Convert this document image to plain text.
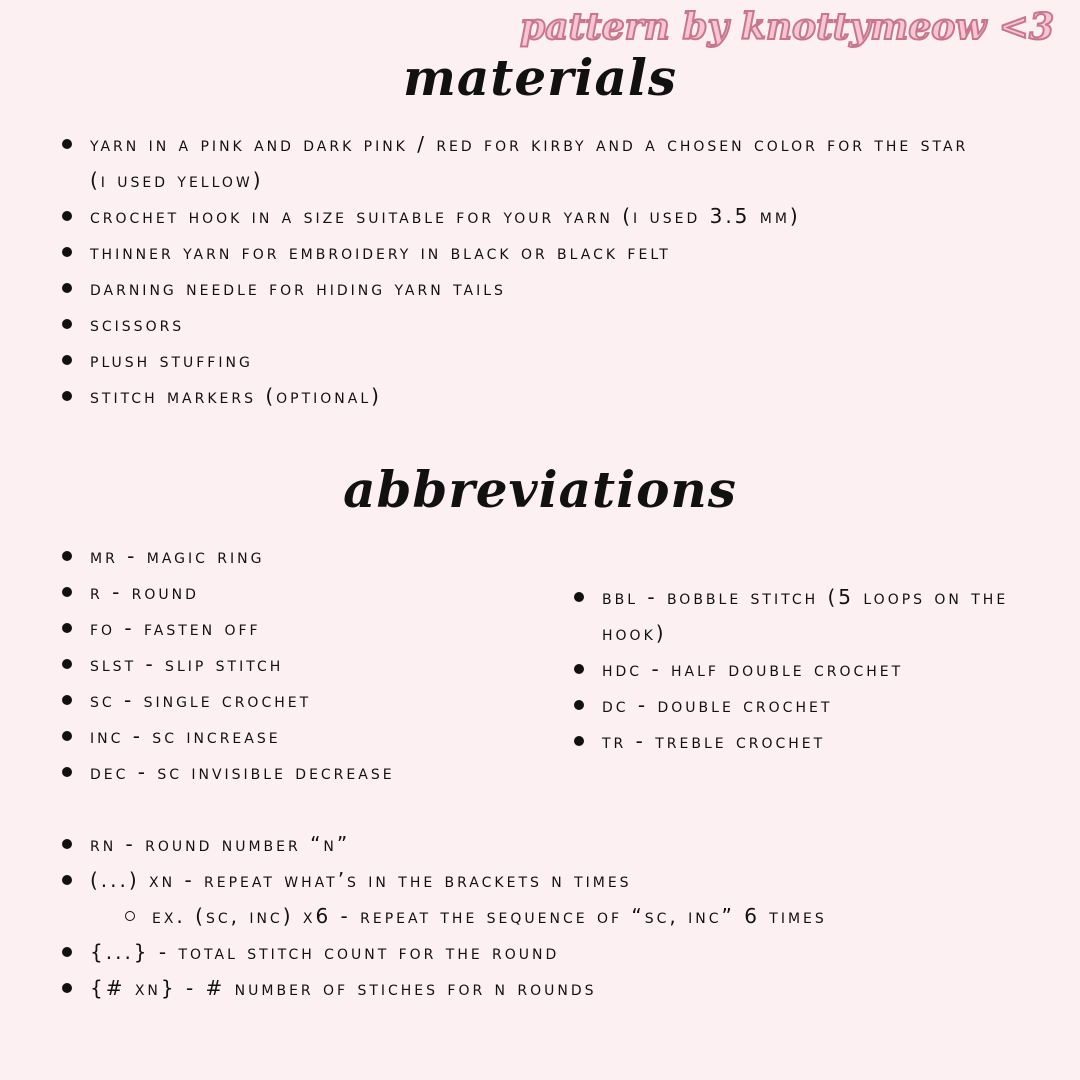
pattern by knottymeow <3
materials
yarn in a pink and dark pink / red for kirby and a chosen color for the star (i used yellow)
crochet hook in a size suitable for your yarn (i used 3.5 mm)
thinner yarn for embroidery in black or black felt
darning needle for hiding yarn tails
scissors
plush stuffing
stitch markers (optional)
abbreviations
mr - magic ring
r - round
fo - fasten off
slst - slip stitch
sc - single crochet
inc - sc increase
dec - sc invisible decrease
bbl - bobble stitch (5 loops on the hook)
hdc - half double crochet
dc - double crochet
tr - treble crochet
rn - round number “n”
(...) xn - repeat what’s in the brackets n times
ex. (sc, inc) x6 - repeat the sequence of “sc, inc” 6 times
{...} - total stitch count for the round
{# xn} - # number of stiches for n rounds
